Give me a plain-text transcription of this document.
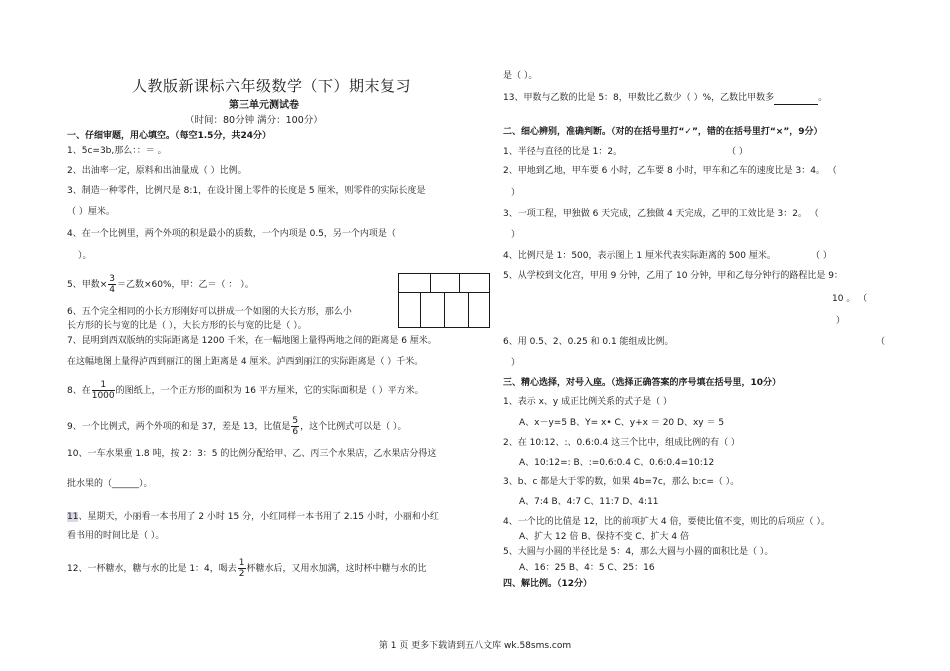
人教版新课标六年级数学（下）期末复习
第三单元测试卷
（时间：80分钟 满分：100分）
一、仔细审题，用心填空。（每空1.5分，共24分）
1、5c=3b,那么：：＝ 。
2、出油率一定，原料和出油量成（ ）比例。
3、制造一种零件，比例尺是 8:1，在设计图上零件的长度是 5 厘米，则零件的实际长度是
（ ）厘米。
4、在一个比例里，两个外项的积是最小的质数，一个内项是 0.5，另一个内项是（
）。
5、甲数× $\frac{3}{4}$ ＝乙数×60%，甲：乙＝（ ： ）。
6、五个完全相同的小长方形刚好可以拼成一个如图的大长方形，那么小
长方形的长与宽的比是（ ），大长方形的长与宽的比是（ ）。
7、昆明到西双版纳的实际距离是 1200 千米，在一幅地图上量得两地之间的距离是 6 厘米。
在这幅地图上量得泸西到丽江的图上距离是 4 厘米。泸西到丽江的实际距离是（ ）千米。
8、在 $\frac{1}{1000}$ 的图纸上，一个正方形的面积为 16 平方厘米，它的实际面积是（ ）平方米。
9、一个比例式，两个外项的和是 37，差是 13，比值是 $\frac{5}{6}$ ，这个比例式可以是（ ）。
10、一车水果重 1.8 吨，按 2：3：5 的比例分配给甲、乙、丙三个水果店，乙水果店分得这
批水果的（______）。
11、星期天，小丽看一本书用了 2 小时 15 分，小红同样一本书用了 2.15 小时，小丽和小红
看书用的时间比是（ ）。
12、一杯糖水，糖与水的比是 1：4，喝去 $\frac{1}{2}$ 杯糖水后，又用水加满，这时杯中糖与水的比
是（ ）。
13、甲数与乙数的比是 5：8，甲数比乙数少（ ）%，乙数比甲数多	。
二、细心辨别，准确判断。（对的在括号里打“✓”，错的在括号里打“×”，9分）
1、半径与直径的比是 1：2。	（ ）
2、甲地到乙地，甲车要 6 小时，乙车要 8 小时，甲车和乙车的速度比是 3：4。 （
）
3、一项工程，甲独做 6 天完成，乙独做 4 天完成，乙甲的工效比是 3：2。 （
）
4、比例尺是 1：500，表示图上 1 厘米代表实际距离的 500 厘米。	（ ）
5、从学校到文化宫，甲用 9 分钟，乙用了 10 分钟，甲和乙每分钟行的路程比是 9：
10 。 （
）
6、用 0.5、2、0.25 和 0.1 能组成比例。	（
）
三、精心选择，对号入座。（选择正确答案的序号填在括号里，10分）
1、表示 x、y 成正比例关系的式子是（ ）
A、x－y=5 B、Y= x• C、y+x ＝ 20 D、xy ＝ 5
2、在 10:12、:、0.6:0.4 这三个比中，组成比例的有（ ）
A、10:12=: B、:=0.6:0.4 C、0.6:0.4=10:12
3、b、c 都是大于零的数，如果 4b=7c，那么 b:c=（ ）。
A、7:4 B、4:7 C、11:7 D、4:11
4、一个比的比值是 12，比的前项扩大 4 倍，要使比值不变，则比的后项应（ ）。
A、扩大 12 倍 B、保持不变 C、扩大 4 倍
5、大圆与小圆的半径比是 5：4，那么大圆与小圆的面积比是（ ）。
A、16：25 B、4：5 C、25：16
四、解比例。（12分）
第 1 页 更多下载请到五八文库 wk.58sms.com
